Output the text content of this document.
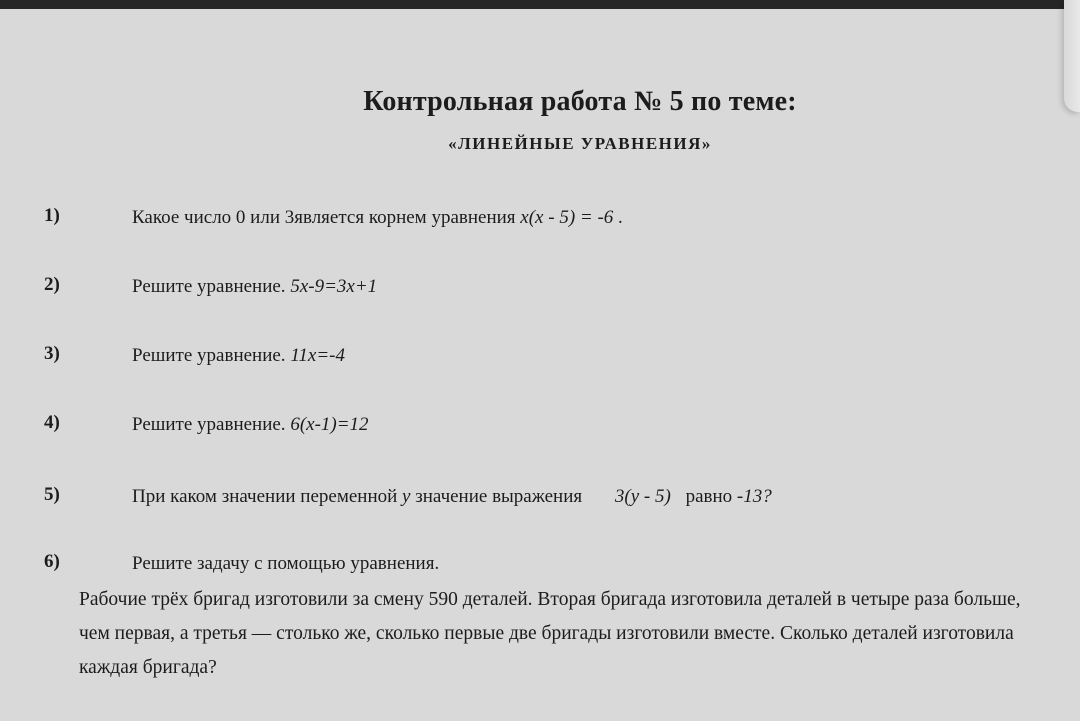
Контрольная работа № 5 по теме:
«ЛИНЕЙНЫЕ УРАВНЕНИЯ»
1)	Какое число 0 или 3является корнем уравнения x(x - 5) = -6 .
2)	Решите уравнение. 5x-9=3x+1
3)	Решите уравнение. 11x=-4
4)	Решите уравнение. 6(x-1)=12
5)	При каком значении переменной y значение выражения 3(y - 5) равно -13?
6)	Решите задачу с помощью уравнения.
Рабочие трёх бригад изготовили за смену 590 деталей. Вторая бригада изготовила деталей в четыре раза больше, чем первая, а третья — столько же, сколько первые две бригады изготовили вместе. Сколько деталей изготовила каждая бригада?
